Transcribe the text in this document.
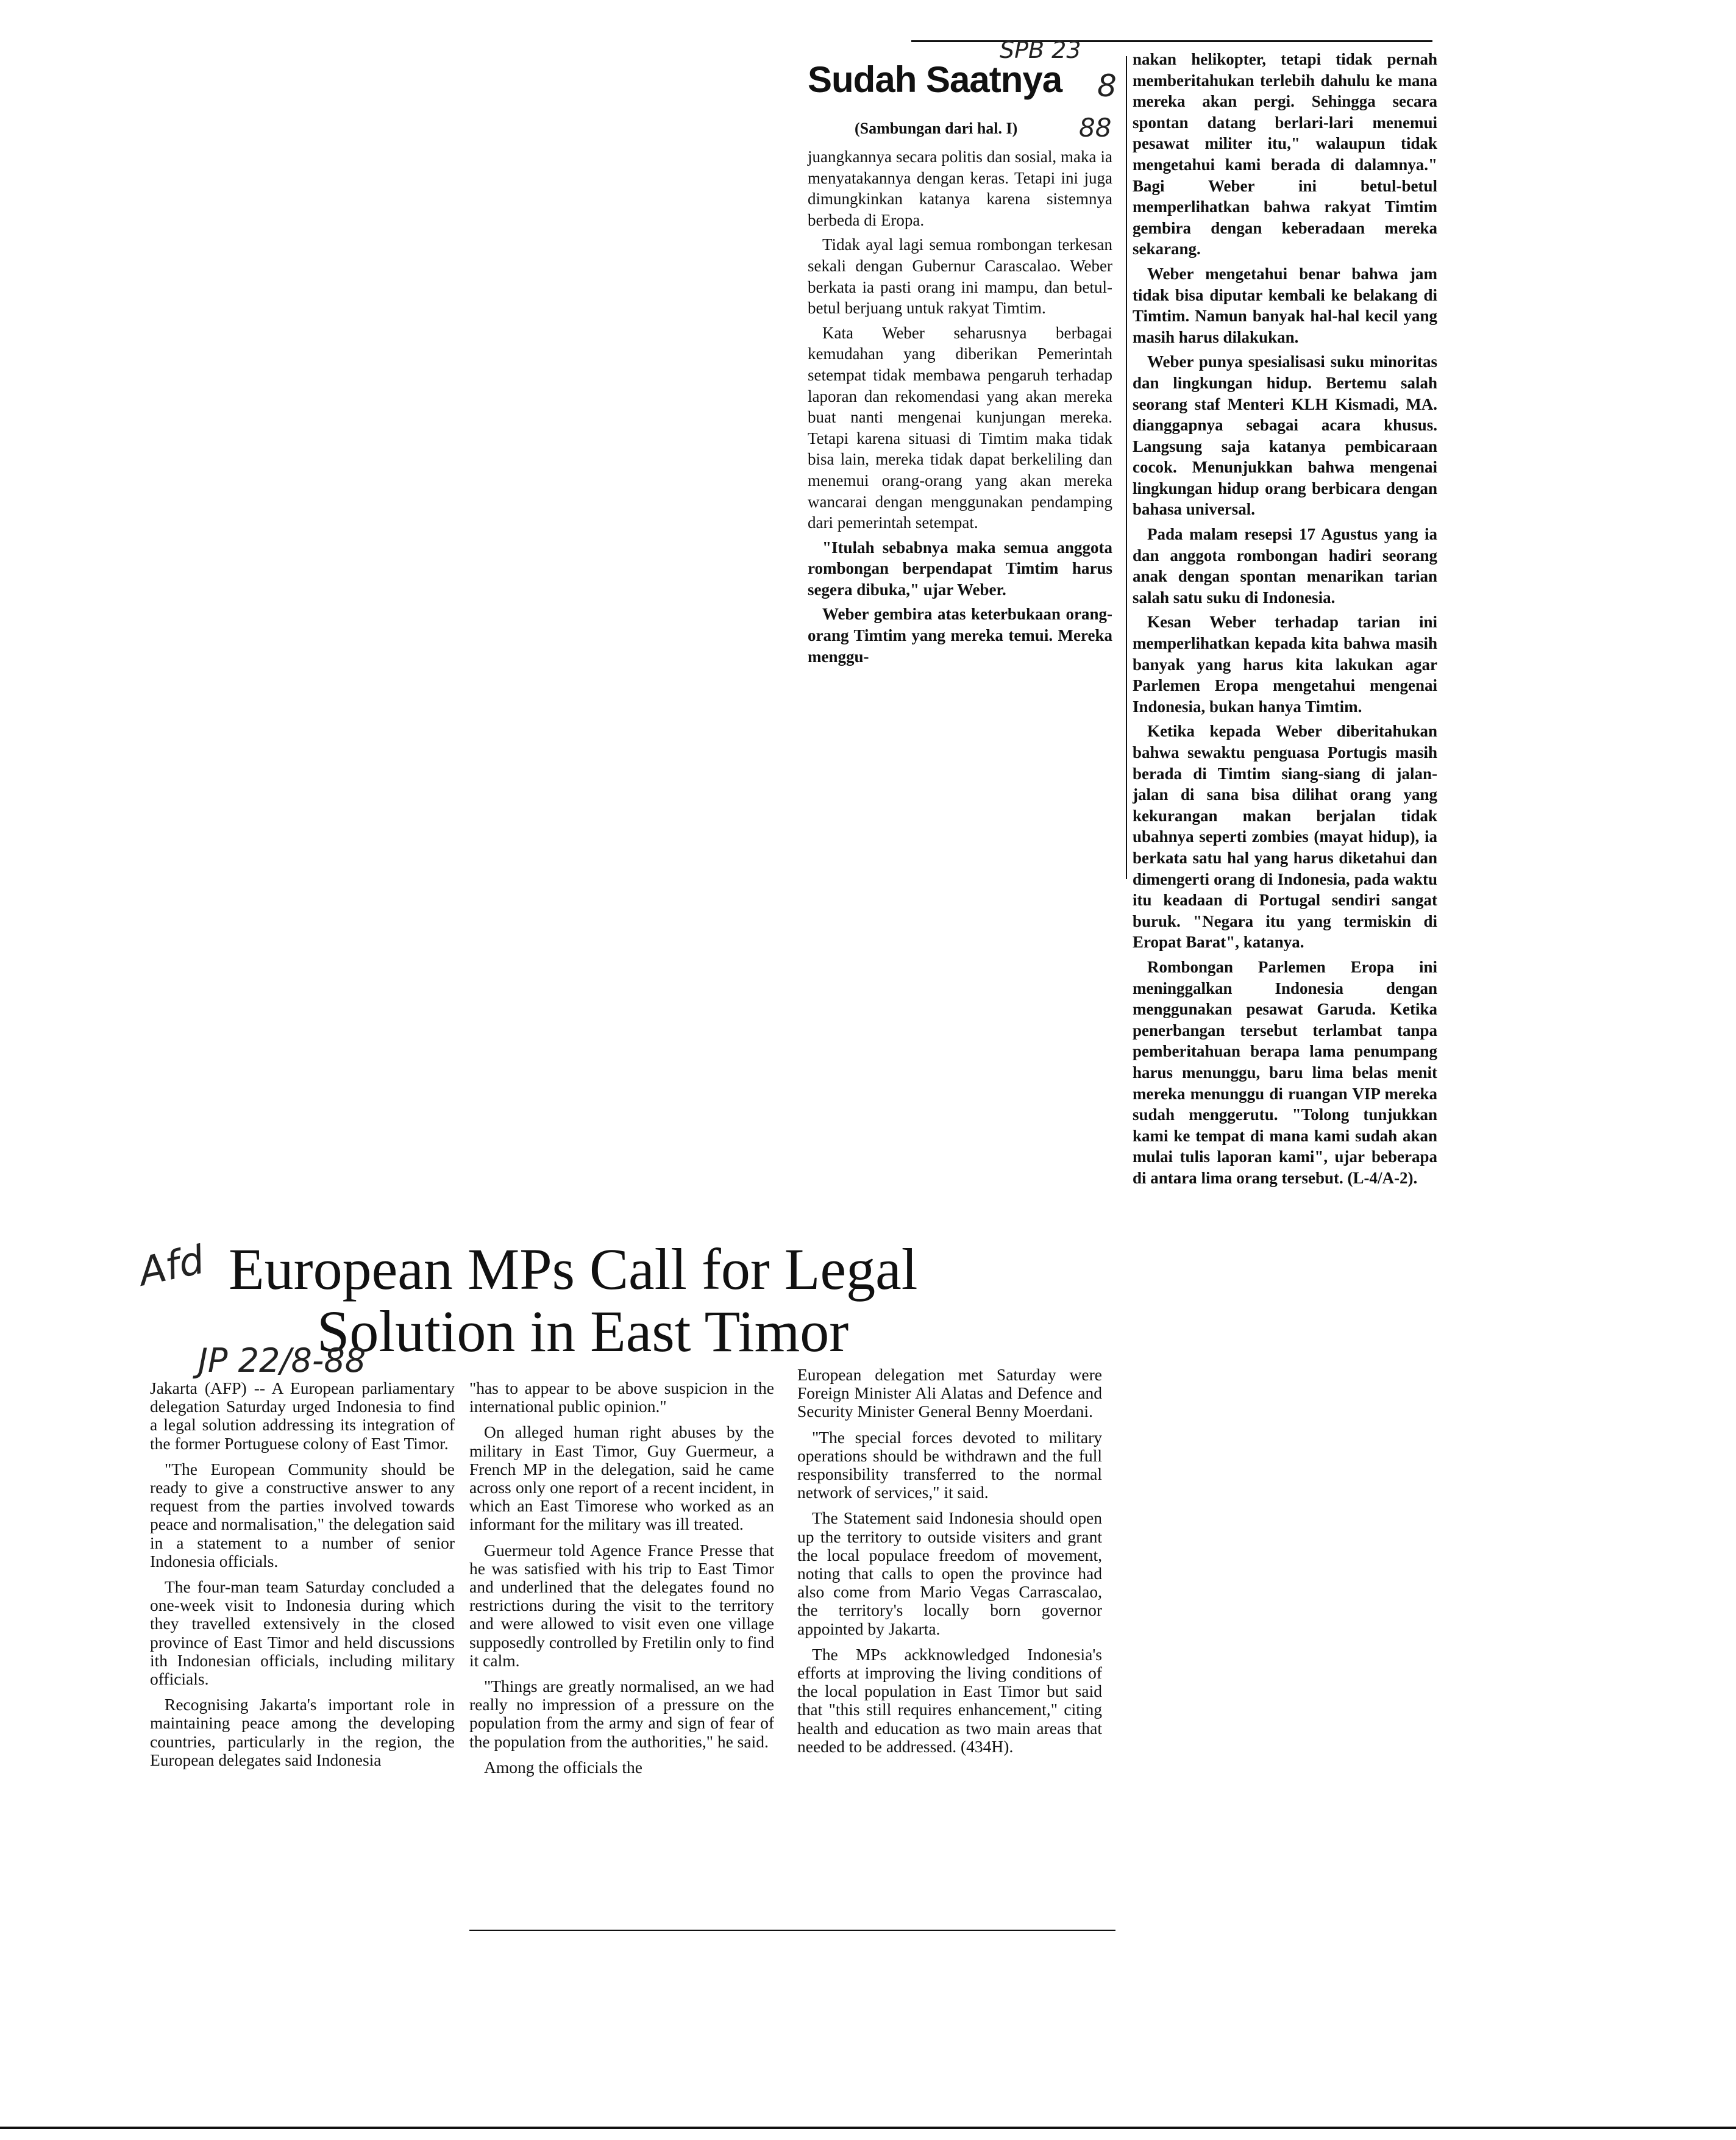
SPB 23
Sudah Saatnya 8
88
(Sambungan dari hal. I)

juangkannya secara politis dan sosial, maka ia menyatakannya dengan keras. Tetapi ini juga dimungkinkan katanya karena sistemnya berbeda di Eropa.

Tidak ayal lagi semua rombongan terkesan sekali dengan Gubernur Carascalao. Weber berkata ia pasti orang ini mampu, dan betul-betul berjuang untuk rakyat Timtim.

Kata Weber seharusnya berbagai kemudahan yang diberikan Pemerintah setempat tidak membawa pengaruh terhadap laporan dan rekomendasi yang akan mereka buat nanti mengenai kunjungan mereka. Tetapi karena situasi di Timtim maka tidak bisa lain, mereka tidak dapat berkeliling dan menemui orang-orang yang akan mereka wancarai dengan menggunakan pendamping dari pemerintah setempat.

"Itulah sebabnya maka semua anggota rombongan berpendapat Timtim harus segera dibuka," ujar Weber.

Weber gembira atas keterbukaan orang-orang Timtim yang mereka temui. Mereka menggu-

nakan helikopter, tetapi tidak pernah memberitahukan terlebih dahulu ke mana mereka akan pergi. Sehingga secara spontan datang berlari-lari menemui pesawat militer itu," walaupun tidak mengetahui kami berada di dalamnya." Bagi Weber ini betul-betul memperlihatkan bahwa rakyat Timtim gembira dengan keberadaan mereka sekarang.

Weber mengetahui benar bahwa jam tidak bisa diputar kembali ke belakang di Timtim. Namun banyak hal-hal kecil yang masih harus dilakukan.

Weber punya spesialisasi suku minoritas dan lingkungan hidup. Bertemu salah seorang staf Menteri KLH Kismadi, MA. dianggapnya sebagai acara khusus. Langsung saja katanya pembicaraan cocok. Menunjukkan bahwa mengenai lingkungan hidup orang berbicara dengan bahasa universal.

Pada malam resepsi 17 Agustus yang ia dan anggota rombongan hadiri seorang anak dengan spontan menarikan tarian salah satu suku di Indonesia.

Kesan Weber terhadap tarian ini memperlihatkan kepada kita bahwa masih banyak yang harus kita lakukan agar Parlemen Eropa mengetahui mengenai Indonesia, bukan hanya Timtim.

Ketika kepada Weber diberitahukan bahwa sewaktu penguasa Portugis masih berada di Timtim siang-siang di jalan-jalan di sana bisa dilihat orang yang kekurangan makan berjalan tidak ubahnya seperti zombies (mayat hidup), ia berkata satu hal yang harus diketahui dan dimengerti orang di Indonesia, pada waktu itu keadaan di Portugal sendiri sangat buruk. "Negara itu yang termiskin di Eropat Barat", katanya.

Rombongan Parlemen Eropa ini meninggalkan Indonesia dengan menggunakan pesawat Garuda. Ketika penerbangan tersebut terlambat tanpa pemberitahuan berapa lama penumpang harus menunggu, baru lima belas menit mereka menunggu di ruangan VIP mereka sudah menggerutu. "Tolong tunjukkan kami ke tempat di mana kami sudah akan mulai tulis laporan kami", ujar beberapa di antara lima orang tersebut. (L-4/A-2).

Afd European MPs Call for Legal
Solution in East Timor
JP 22/8-88

Jakarta (AFP) -- A European parliamentary delegation Saturday urged Indonesia to find a legal solution addressing its integration of the former Portuguese colony of East Timor.

"The European Community should be ready to give a constructive answer to any request from the parties involved towards peace and normalisation," the delegation said in a statement to a number of senior Indonesia officials.

The four-man team Saturday concluded a one-week visit to Indonesia during which they travelled extensively in the closed province of East Timor and held discussions ith Indonesian officials, including military officials.

Recognising Jakarta's important role in maintaining peace among the developing countries, particularly in the region, the European delegates said Indonesia

"has to appear to be above suspicion in the international public opinion."

On alleged human right abuses by the military in East Timor, Guy Guermeur, a French MP in the delegation, said he came across only one report of a recent incident, in which an East Timorese who worked as an informant for the military was ill treated.

Guermeur told Agence France Presse that he was satisfied with his trip to East Timor and underlined that the delegates found no restrictions during the visit to the territory and were allowed to visit even one village supposedly controlled by Fretilin only to find it calm.

"Things are greatly normalised, an we had really no impression of a pressure on the population from the army and sign of fear of the population from the authorities," he said.

Among the officials the

European delegation met Saturday were Foreign Minister Ali Alatas and Defence and Security Minister General Benny Moerdani.

"The special forces devoted to military operations should be withdrawn and the full responsibility transferred to the normal network of services," it said.

The Statement said Indonesia should open up the territory to outside visiters and grant the local populace freedom of movement, noting that calls to open the province had also come from Mario Vegas Carrascalao, the territory's locally born governor appointed by Jakarta.

The MPs ackknowledged Indonesia's efforts at improving the living conditions of the local population in East Timor but said that "this still requires enhancement," citing health and education as two main areas that needed to be addressed. (434H).
